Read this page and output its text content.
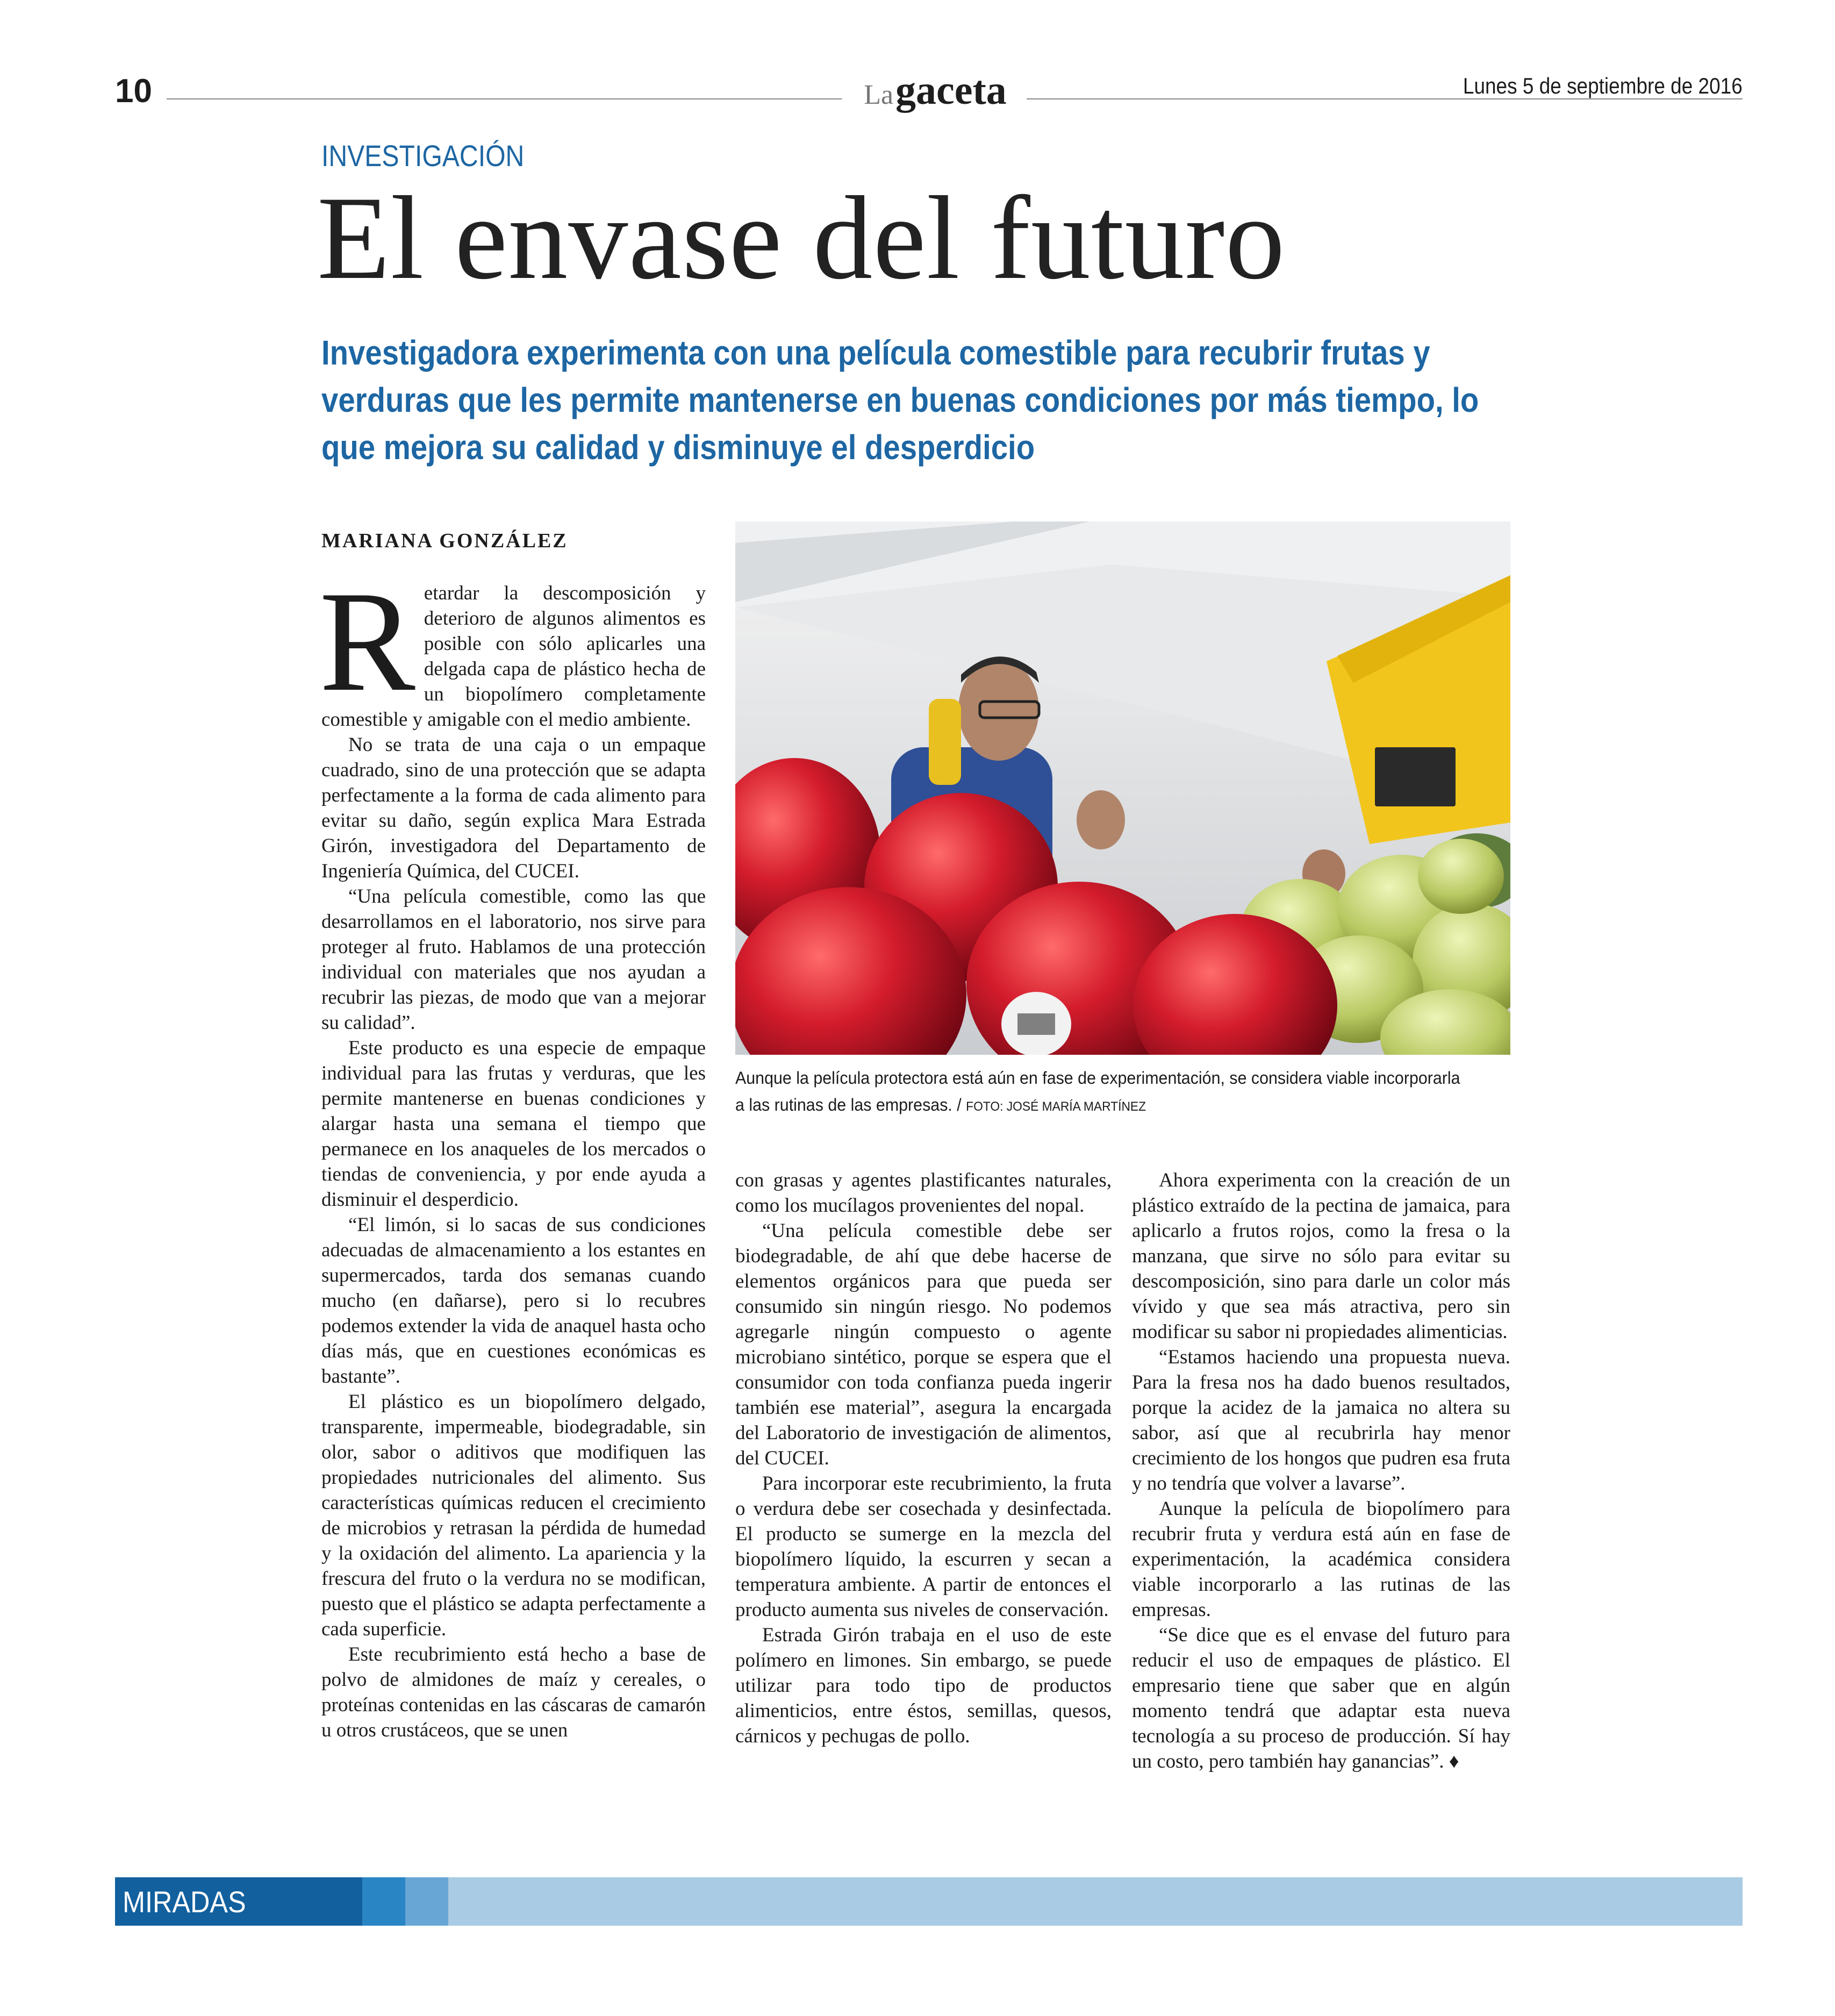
10	Lagaceta	Lunes 5 de septiembre de 2016
INVESTIGACIÓN
El envase del futuro
Investigadora experimenta con una película comestible para recubrir frutas y verduras que les permite mantenerse en buenas condiciones por más tiempo, lo que mejora su calidad y disminuye el desperdicio
MARIANA GONZÁLEZ

Retardar la descomposición y deterioro de algunos alimentos es posible con sólo aplicarles una delgada capa de plástico hecha de un biopolímero completamente comestible y amigable con el medio ambiente.

No se trata de una caja o un empaque cuadrado, sino de una protección que se adapta perfectamente a la forma de cada alimento para evitar su daño, según explica Mara Estrada Girón, investigadora del Departamento de Ingeniería Química, del CUCEI.

“Una película comestible, como las que desarrollamos en el laboratorio, nos sirve para proteger al fruto. Hablamos de una protección individual con materiales que nos ayudan a recubrir las piezas, de modo que van a mejorar su calidad”.

Este producto es una especie de empaque individual para las frutas y verduras, que les permite mantenerse en buenas condiciones y alargar hasta una semana el tiempo que permanece en los anaqueles de los mercados o tiendas de conveniencia, y por ende ayuda a disminuir el desperdicio.

“El limón, si lo sacas de sus condiciones adecuadas de almacenamiento a los estantes en supermercados, tarda dos semanas cuando mucho (en dañarse), pero si lo recubres podemos extender la vida de anaquel hasta ocho días más, que en cuestiones económicas es bastante”.

El plástico es un biopolímero delgado, transparente, impermeable, biodegradable, sin olor, sabor o aditivos que modifiquen las propiedades nutricionales del alimento. Sus características químicas reducen el crecimiento de microbios y retrasan la pérdida de humedad y la oxidación del alimento. La apariencia y la frescura del fruto o la verdura no se modifican, puesto que el plástico se adapta perfectamente a cada superficie.

Este recubrimiento está hecho a base de polvo de almidones de maíz y cereales, o proteínas contenidas en las cáscaras de camarón u otros crustáceos, que se unen

Aunque la película protectora está aún en fase de experimentación, se considera viable incorporarla a las rutinas de las empresas. / FOTO: JOSÉ MARÍA MARTÍNEZ

con grasas y agentes plastificantes naturales, como los mucílagos provenientes del nopal.

“Una película comestible debe ser biodegradable, de ahí que debe hacerse de elementos orgánicos para que pueda ser consumido sin ningún riesgo. No podemos agregarle ningún compuesto o agente microbiano sintético, porque se espera que el consumidor con toda confianza pueda ingerir también ese material”, asegura la encargada del Laboratorio de investigación de alimentos, del CUCEI.

Para incorporar este recubrimiento, la fruta o verdura debe ser cosechada y desinfectada. El producto se sumerge en la mezcla del biopolímero líquido, la escurren y secan a temperatura ambiente. A partir de entonces el producto aumenta sus niveles de conservación.

Estrada Girón trabaja en el uso de este polímero en limones. Sin embargo, se puede utilizar para todo tipo de productos alimenticios, entre éstos, semillas, quesos, cárnicos y pechugas de pollo.

Ahora experimenta con la creación de un plástico extraído de la pectina de jamaica, para aplicarlo a frutos rojos, como la fresa o la manzana, que sirve no sólo para evitar su descomposición, sino para darle un color más vívido y que sea más atractiva, pero sin modificar su sabor ni propiedades alimenticias.

“Estamos haciendo una propuesta nueva. Para la fresa nos ha dado buenos resultados, porque la acidez de la jamaica no altera su sabor, así que al recubrirla hay menor crecimiento de los hongos que pudren esa fruta y no tendría que volver a lavarse”.

Aunque la película de biopolímero para recubrir fruta y verdura está aún en fase de experimentación, la académica considera viable incorporarlo a las rutinas de las empresas.

“Se dice que es el envase del futuro para reducir el uso de empaques de plástico. El empresario tiene que saber que en algún momento tendrá que adaptar esta nueva tecnología a su proceso de producción. Sí hay un costo, pero también hay ganancias”. ♦

MIRADAS
